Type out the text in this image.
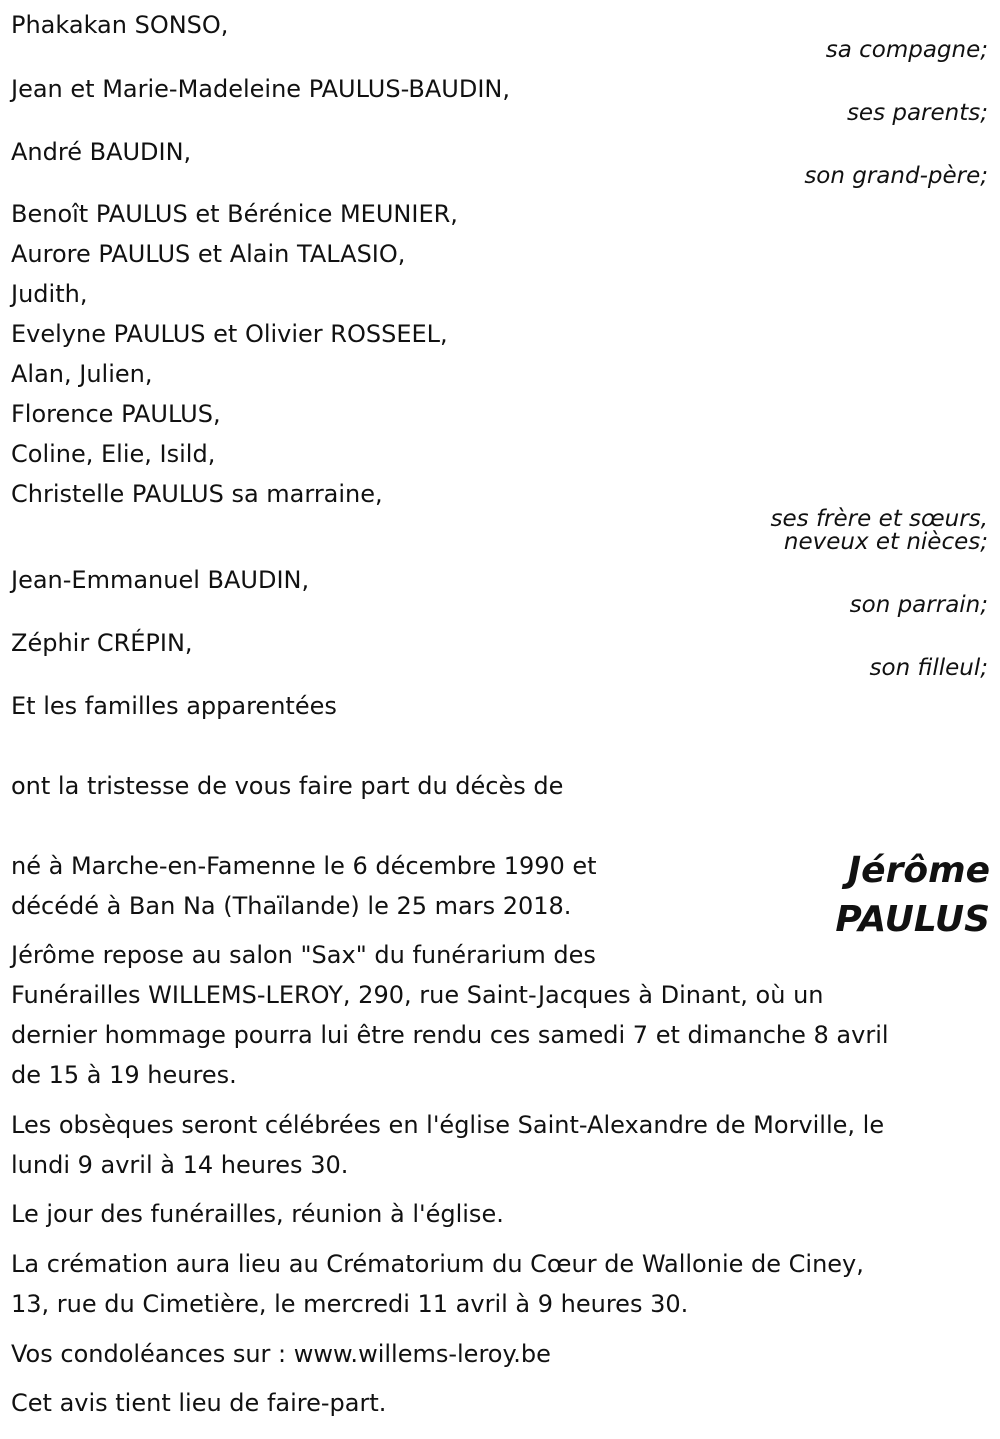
Phakakan SONSO,
sa compagne;
Jean et Marie-Madeleine PAULUS-BAUDIN,
ses parents;
André BAUDIN,
son grand-père;
Benoît PAULUS et Bérénice MEUNIER,
Aurore PAULUS et Alain TALASIO,
Judith,
Evelyne PAULUS et Olivier ROSSEEL,
Alan, Julien,
Florence PAULUS,
Coline, Elie, Isild,
Christelle PAULUS sa marraine,
ses frère et sœurs,
neveux et nièces;
Jean-Emmanuel BAUDIN,
son parrain;
Zéphir CRÉPIN,
son filleul;
Et les familles apparentées
ont la tristesse de vous faire part du décès de
Jérôme
PAULUS
né à Marche-en-Famenne le 6 décembre 1990 et
décédé à Ban Na (Thaïlande) le 25 mars 2018.
Jérôme repose au salon "Sax" du funérarium des
Funérailles WILLEMS-LEROY, 290, rue Saint-Jacques à Dinant, où un
dernier hommage pourra lui être rendu ces samedi 7 et dimanche 8 avril
de 15 à 19 heures.
Les obsèques seront célébrées en l'église Saint-Alexandre de Morville, le
lundi 9 avril à 14 heures 30.
Le jour des funérailles, réunion à l'église.
La crémation aura lieu au Crématorium du Cœur de Wallonie de Ciney,
13, rue du Cimetière, le mercredi 11 avril à 9 heures 30.
Vos condoléances sur : www.willems-leroy.be
Cet avis tient lieu de faire-part.
